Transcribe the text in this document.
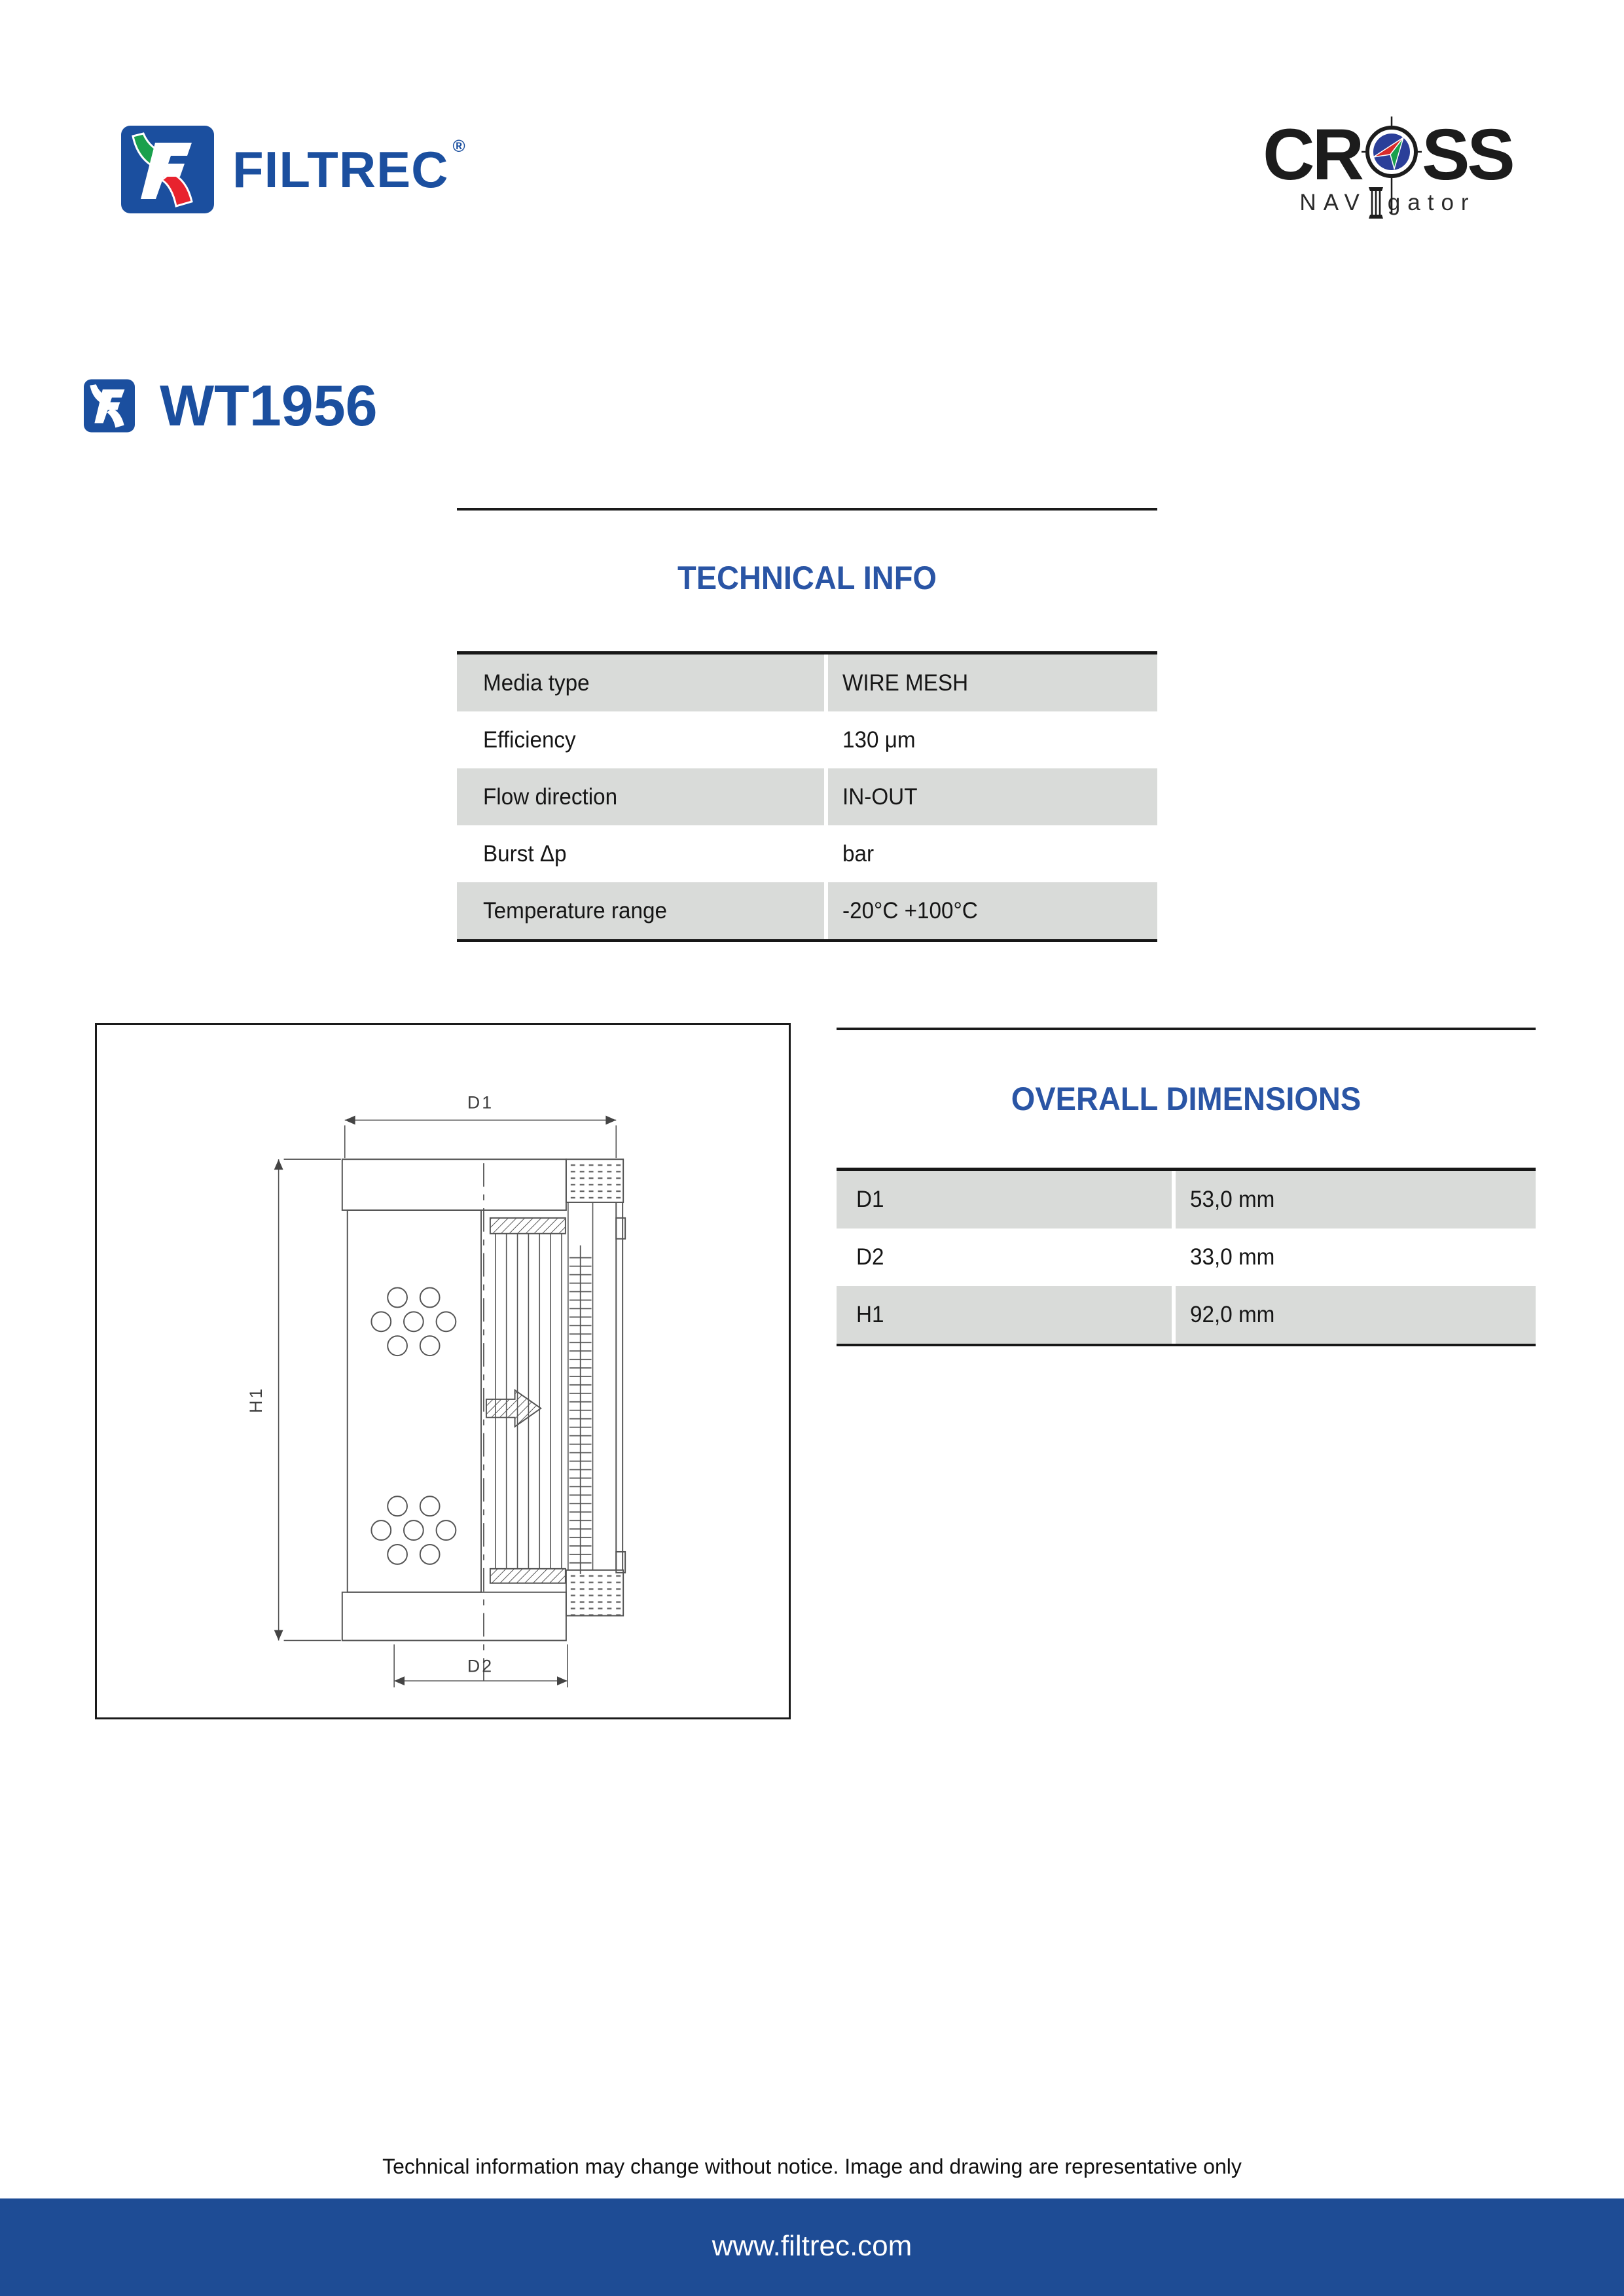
FILTREC ®	CR SS
NAV gator
WT1956
TECHNICAL INFO
Media type	WIRE MESH
Efficiency	130 μm
Flow direction	IN-OUT
Burst Δp	bar
Temperature range	-20°C +100°C
D1
H1
D2
OVERALL DIMENSIONS
D1	53,0 mm
D2	33,0 mm
H1	92,0 mm
Technical information may change without notice. Image and drawing are representative only
www.filtrec.com
